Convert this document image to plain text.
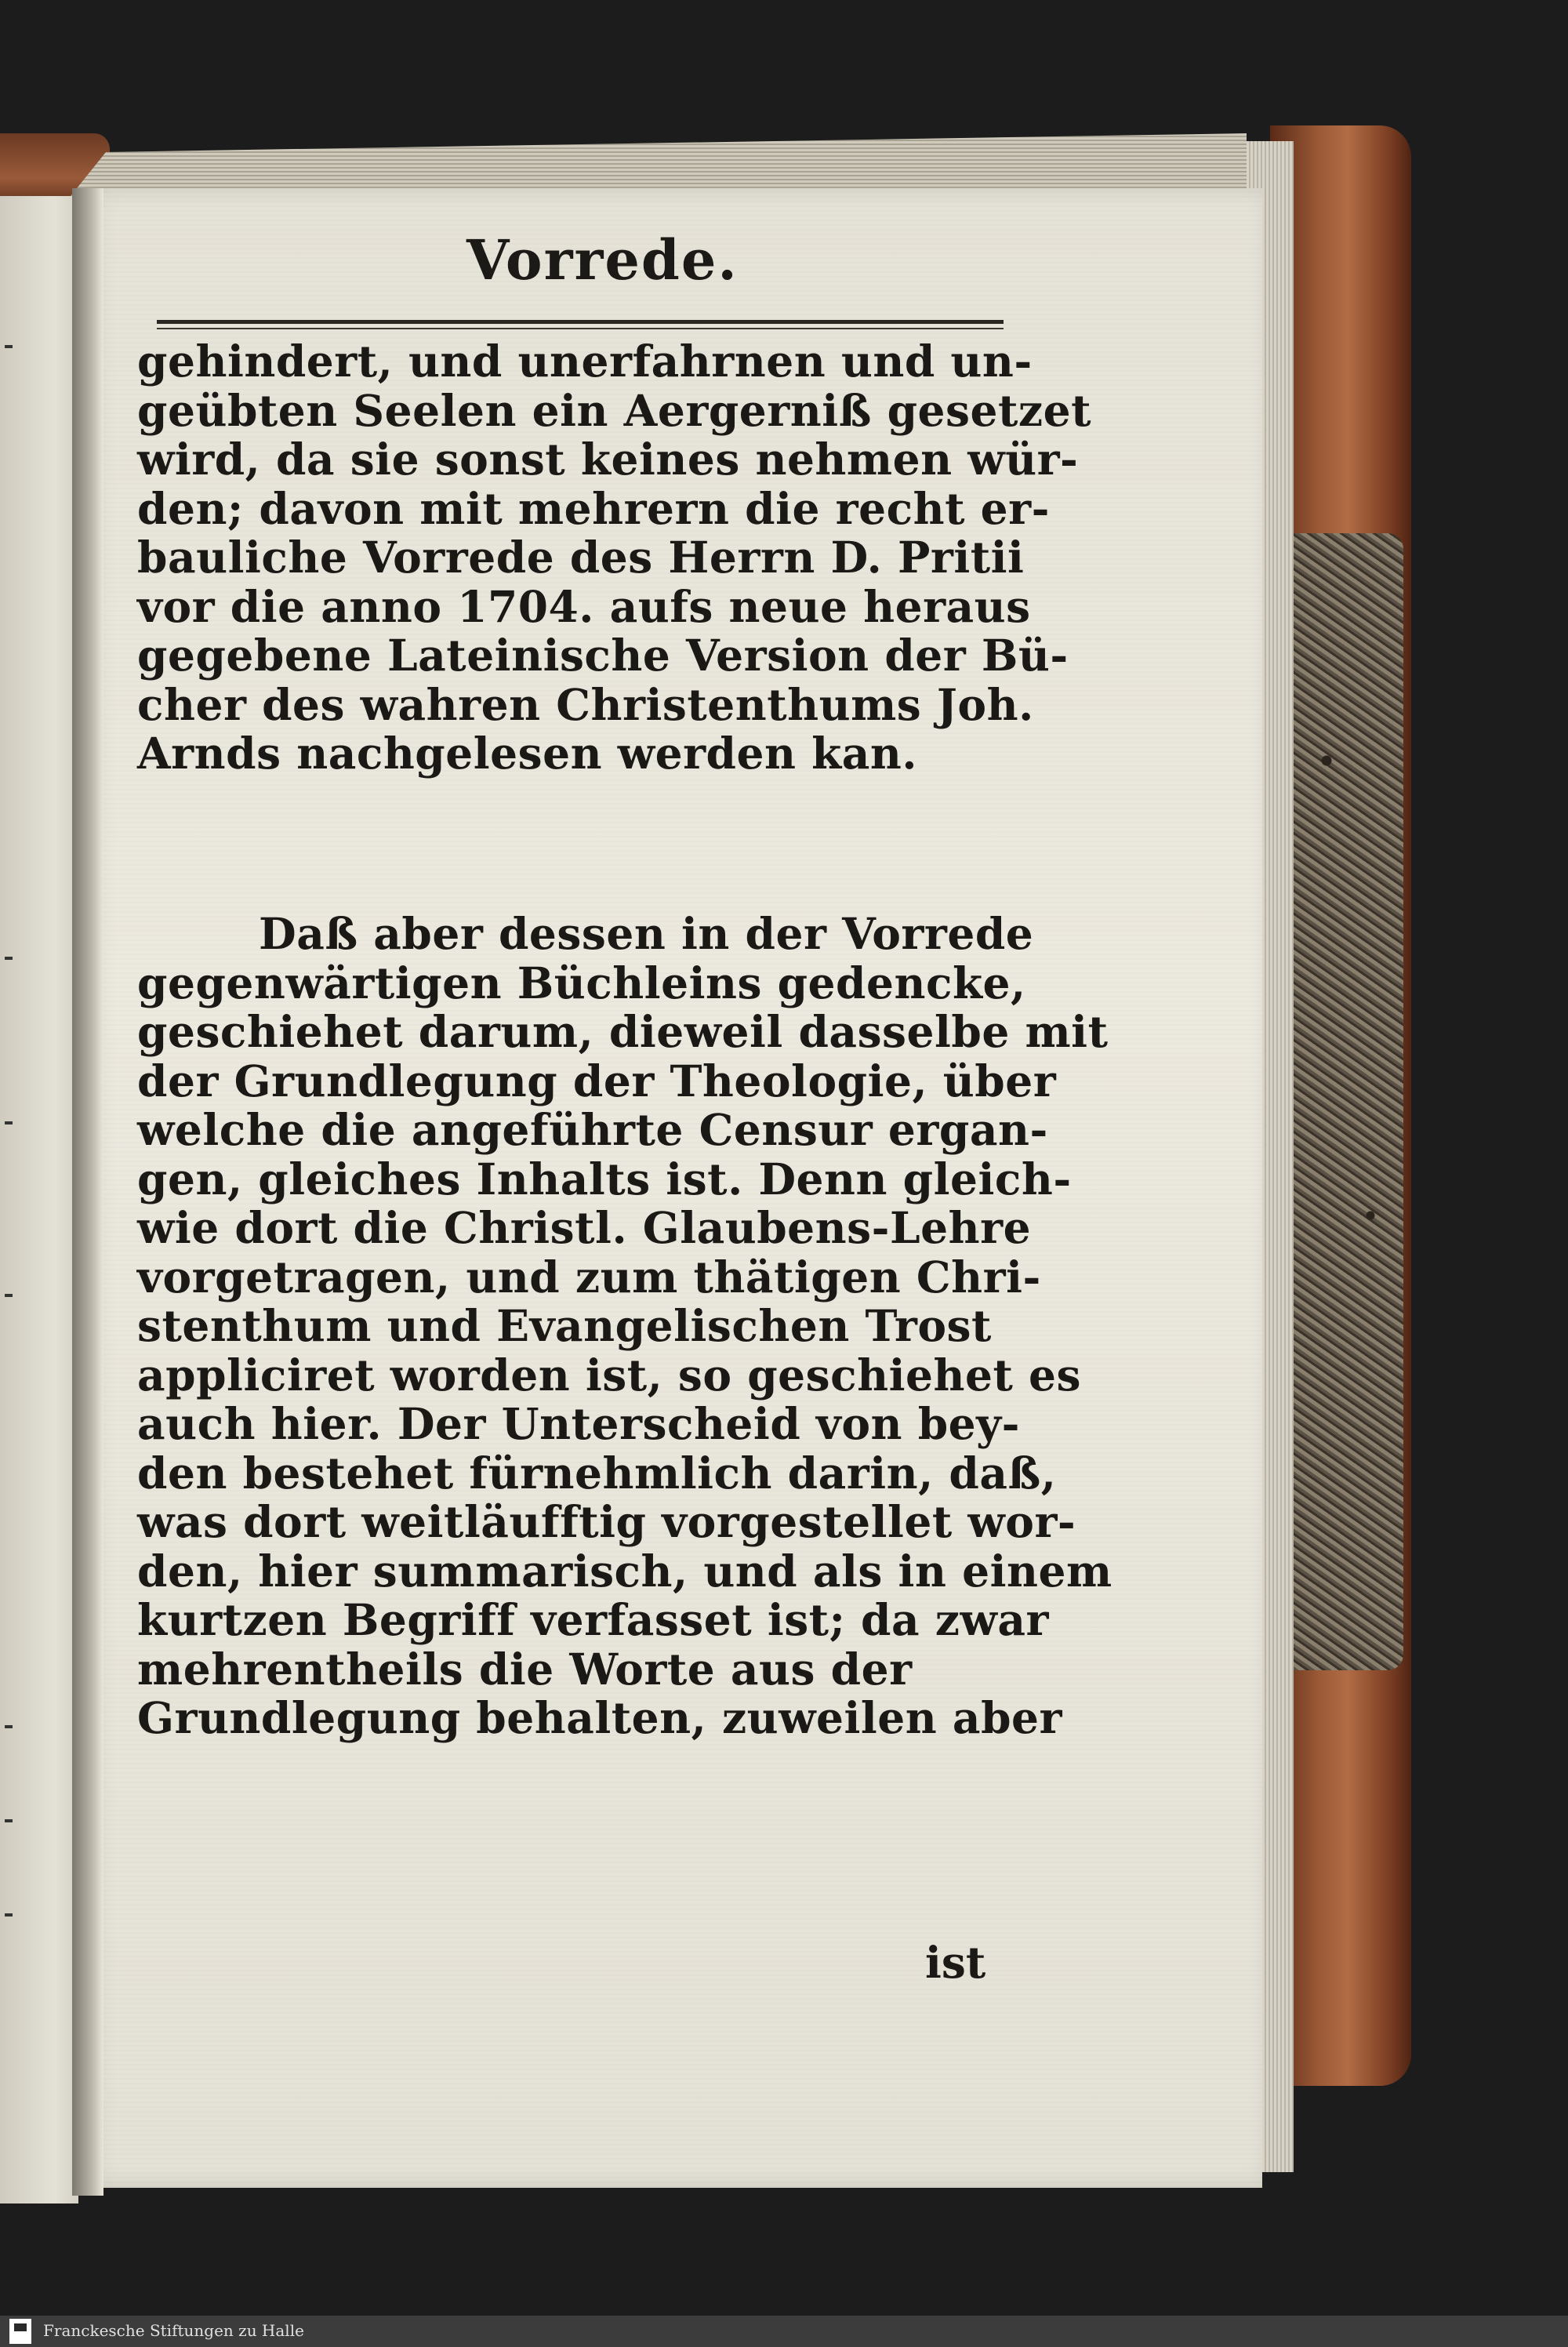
Vorrede.
gehindert, und unerfahrnen und un-
geübten Seelen ein Aergerniß gesetzet
wird, da sie sonst keines nehmen wür-
den; davon mit mehrern die recht er-
bauliche Vorrede des Herrn D. Pritii
vor die anno 1704. aufs neue heraus
gegebene Lateinische Version der Bü-
cher des wahren Christenthums Joh.
Arnds nachgelesen werden kan.
Daß aber dessen in der Vorrede
gegenwärtigen Büchleins gedencke,
geschiehet darum, dieweil dasselbe mit
der Grundlegung der Theologie, über
welche die angeführte Censur ergan-
gen, gleiches Inhalts ist. Denn gleich-
wie dort die Christl. Glaubens-Lehre
vorgetragen, und zum thätigen Chri-
stenthum und Evangelischen Trost
appliciret worden ist, so geschiehet es
auch hier. Der Unterscheid von bey-
den bestehet fürnehmlich darin, daß,
was dort weitläufftig vorgestellet wor-
den, hier summarisch, und als in einem
kurtzen Begriff verfasset ist; da zwar
mehrentheils die Worte aus der
Grundlegung behalten, zuweilen aber
ist
Franckesche Stiftungen zu Halle
